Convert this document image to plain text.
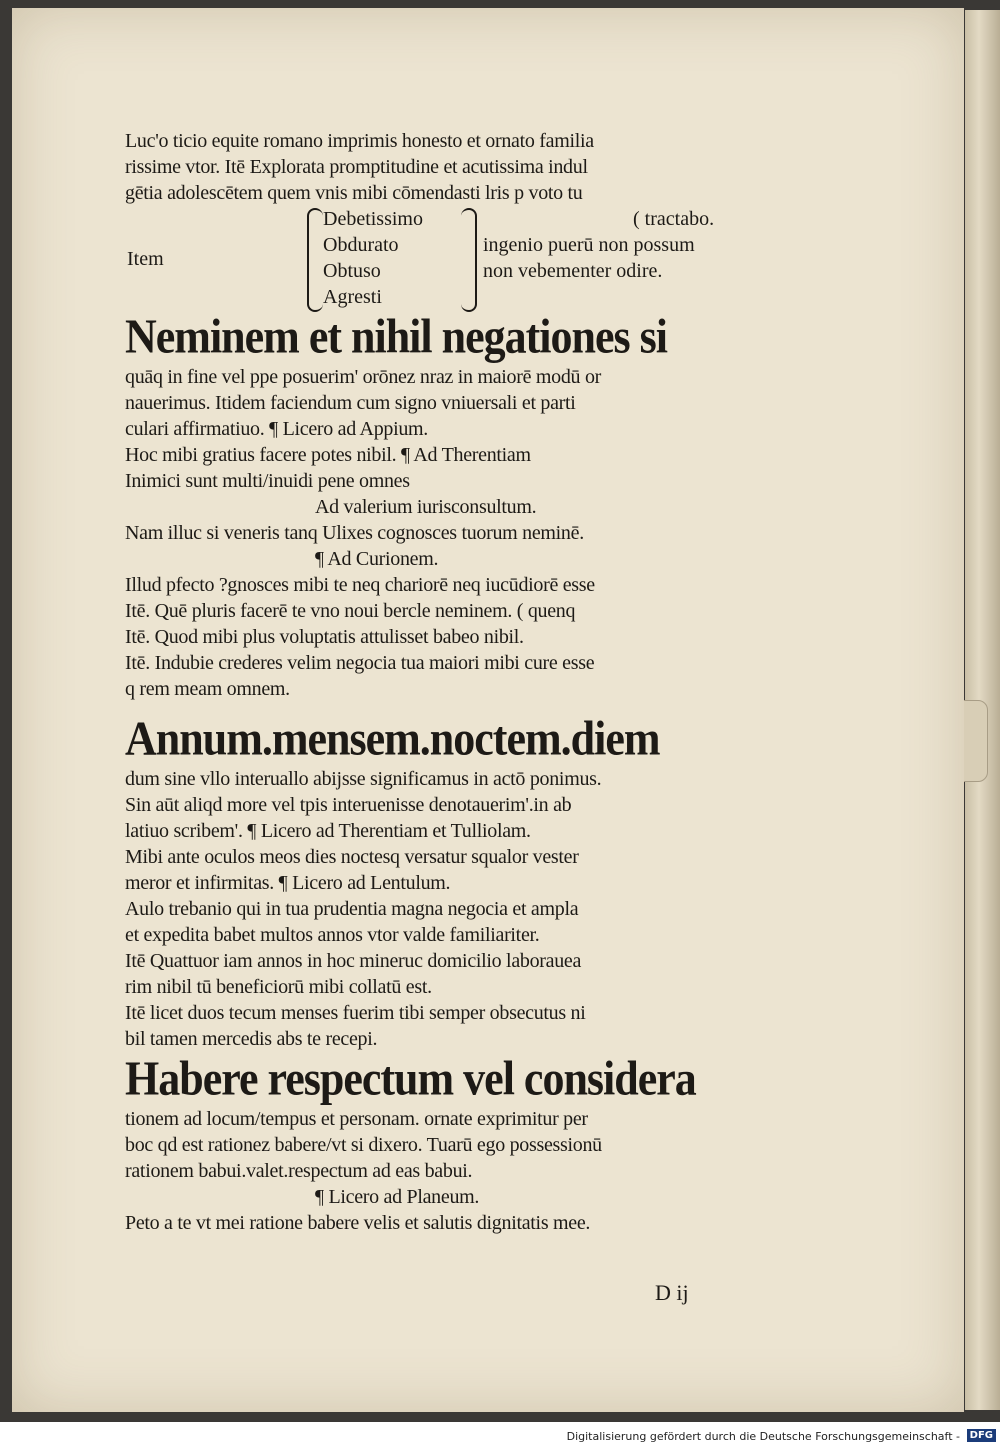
Luc'o ticio equite romano imprimis honesto et ornato familia
rissime vtor. Itē Explorata promptitudine et acutissima indul
gētia adolescētem quem vnis mibi cōmendasti lris p voto tu
Item
Debetissimo
Obdurato
Obtuso
Agresti
( tractabo.
ingenio puerū non possum
non vebementer odire.
Neminem et nihil negationes si
quāq in fine vel ppe posuerim' orōnez nraz in maiorē modū or
nauerimus. Itidem faciendum cum signo vniuersali et parti
culari affirmatiuo. ¶ Licero ad Appium.
Hoc mibi gratius facere potes nibil. ¶ Ad Therentiam
Inimici sunt multi/inuidi pene omnes
Ad valerium iurisconsultum.
Nam illuc si veneris tanq Ulixes cognosces tuorum neminē.
¶ Ad Curionem.
Illud pfecto ?gnosces mibi te neq chariorē neq iucūdiorē esse
Itē. Quē pluris facerē te vno noui bercle neminem. ( quenq
Itē. Quod mibi plus voluptatis attulisset babeo nibil.
Itē. Indubie crederes velim negocia tua maiori mibi cure esse
q rem meam omnem.
Annum.mensem.noctem.diem
dum sine vllo interuallo abijsse significamus in actō ponimus.
Sin aūt aliqd more vel tpis interuenisse denotauerim'.in ab
latiuo scribem'. ¶ Licero ad Therentiam et Tulliolam.
Mibi ante oculos meos dies noctesq versatur squalor vester
meror et infirmitas. ¶ Licero ad Lentulum.
Aulo trebanio qui in tua prudentia magna negocia et ampla
et expedita babet multos annos vtor valde familiariter.
Itē Quattuor iam annos in hoc mineruc domicilio laborauea
rim nibil tū beneficiorū mibi collatū est.
Itē licet duos tecum menses fuerim tibi semper obsecutus ni
bil tamen mercedis abs te recepi.
Habere respectum vel considera
tionem ad locum/tempus et personam. ornate exprimitur per
boc qd est rationez babere/vt si dixero. Tuarū ego possessionū
rationem babui.valet.respectum ad eas babui.
¶ Licero ad Planeum.
Peto a te vt mei ratione babere velis et salutis dignitatis mee.
D ij
Digitalisierung gefördert durch die Deutsche Forschungsgemeinschaft - DFG
